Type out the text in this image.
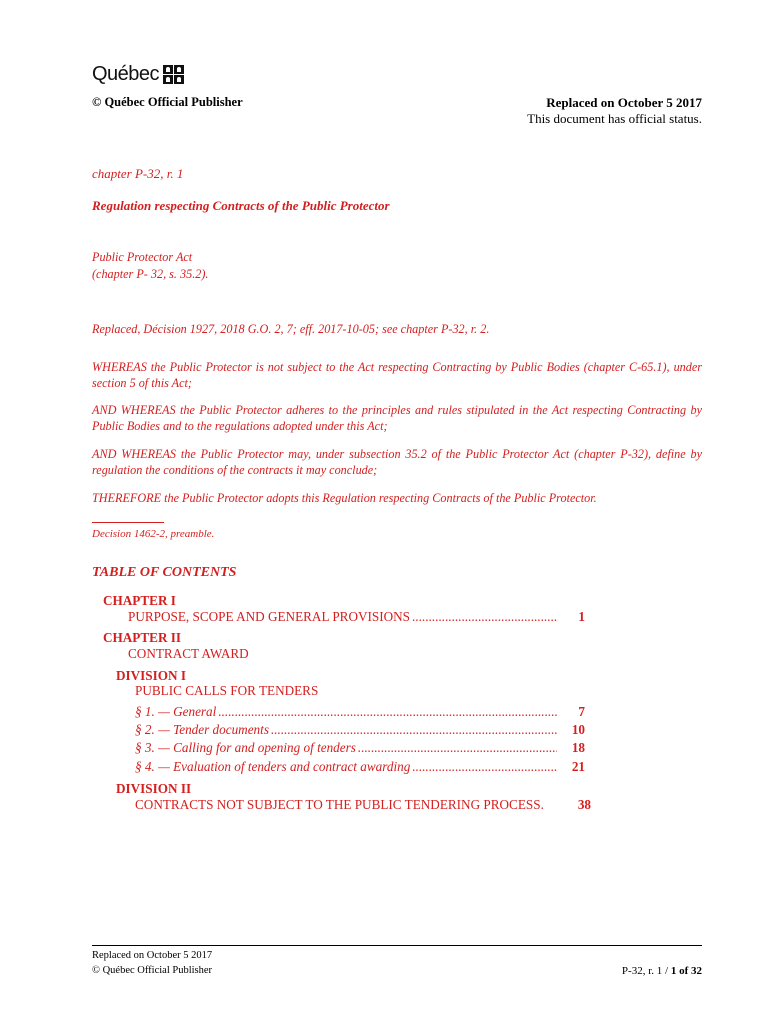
Québec
© Québec Official Publisher	Replaced on October 5 2017
This document has official status.
chapter P-32, r. 1
Regulation respecting Contracts of the Public Protector
Public Protector Act
(chapter P- 32, s. 35.2).
Replaced, Décision 1927, 2018 G.O. 2, 7; eff. 2017-10-05; see chapter P-32, r. 2.
WHEREAS the Public Protector is not subject to the Act respecting Contracting by Public Bodies (chapter C-65.1), under section 5 of this Act;
AND WHEREAS the Public Protector adheres to the principles and rules stipulated in the Act respecting Contracting by Public Bodies and to the regulations adopted under this Act;
AND WHEREAS the Public Protector may, under subsection 35.2 of the Public Protector Act (chapter P-32), define by regulation the conditions of the contracts it may conclude;
THEREFORE the Public Protector adopts this Regulation respecting Contracts of the Public Protector.
Decision 1462-2, preamble.
TABLE OF CONTENTS
CHAPTER I
PURPOSE, SCOPE AND GENERAL PROVISIONS .....	1
CHAPTER II
CONTRACT AWARD
DIVISION I
PUBLIC CALLS FOR TENDERS
§ 1. — General .....	7
§ 2. — Tender documents .....	10
§ 3. — Calling for and opening of tenders .....	18
§ 4. — Evaluation of tenders and contract awarding .....	21
DIVISION II
CONTRACTS NOT SUBJECT TO THE PUBLIC TENDERING PROCESS.	38
Replaced on October 5 2017
© Québec Official Publisher	P-32, r. 1 / 1 of 32
